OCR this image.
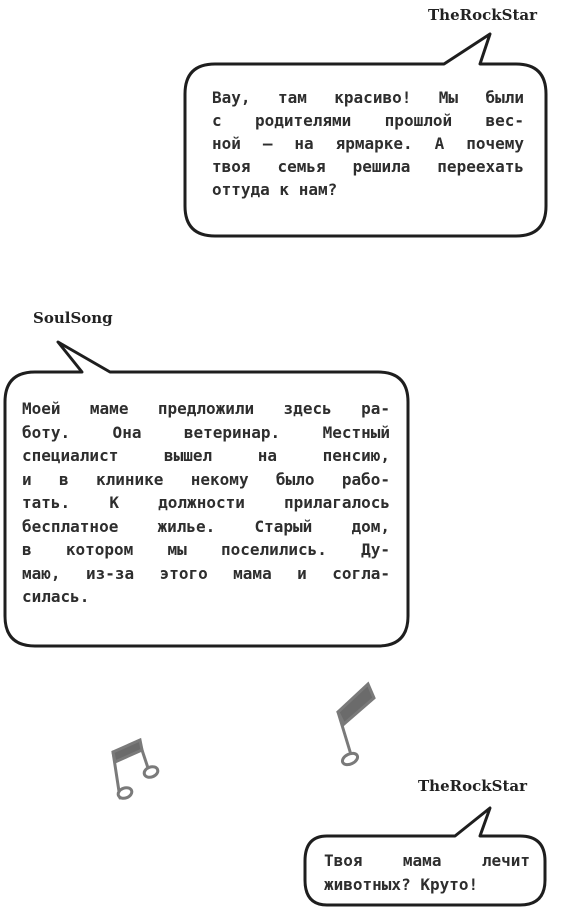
TheRockStar
Вау, там красиво! Мы были
с родителями прошлой вес-
ной — на ярмарке. А почему
твоя семья решила переехать
оттуда к нам?
SoulSong
Моей маме предложили здесь ра-
боту. Она ветеринар. Местный
специалист вышел на пенсию,
и в клинике некому было рабо-
тать. К должности прилагалось
бесплатное жилье. Старый дом,
в котором мы поселились. Ду-
маю, из-за этого мама и согла-
силась.
TheRockStar
Твоя мама лечит
животных? Круто!
